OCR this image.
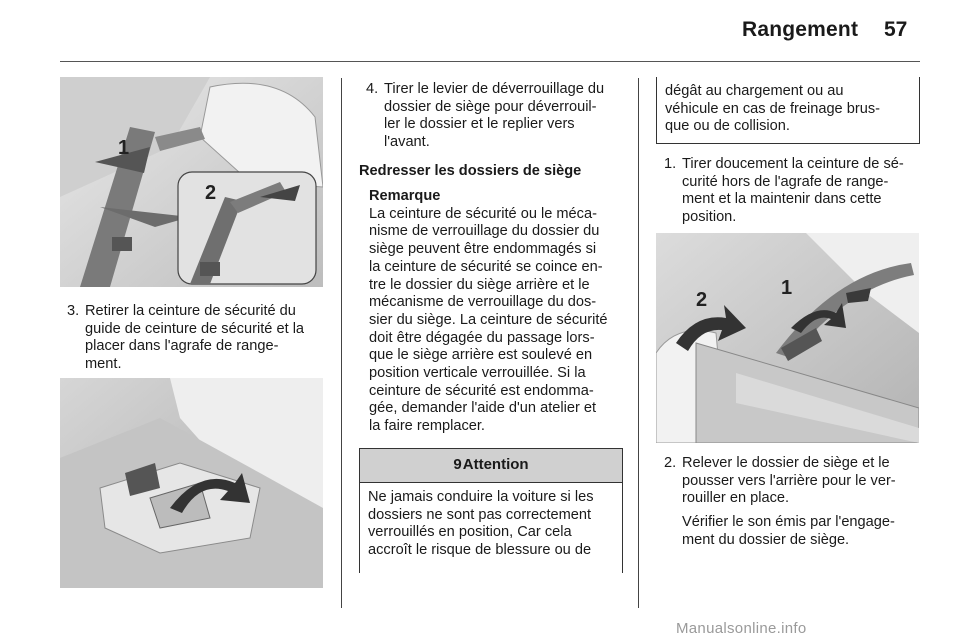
Rangement 57
1
2
3. Retirer la ceinture de sécurité du
guide de ceinture de sécurité et la
placer dans l'agrafe de range-
ment.
4. Tirer le levier de déverrouillage du
dossier de siège pour déverrouil-
ler le dossier et le replier vers
l'avant.
Redresser les dossiers de siège
Remarque
La ceinture de sécurité ou le méca-
nisme de verrouillage du dossier du
siège peuvent être endommagés si
la ceinture de sécurité se coince en-
tre le dossier du siège arrière et le
mécanisme de verrouillage du dos-
sier du siège. La ceinture de sécurité
doit être dégagée du passage lors-
que le siège arrière est soulevé en
position verticale verrouillée. Si la
ceinture de sécurité est endomma-
gée, demander l'aide d'un atelier et
la faire remplacer.
9Attention
Ne jamais conduire la voiture si les
dossiers ne sont pas correctement
verrouillés en position, Car cela
accroît le risque de blessure ou de
dégât au chargement ou au
véhicule en cas de freinage brus-
que ou de collision.
1. Tirer doucement la ceinture de sé-
curité hors de l'agrafe de range-
ment et la maintenir dans cette
position.
2
1
2. Relever le dossier de siège et le
pousser vers l'arrière pour le ver-
rouiller en place.
Vérifier le son émis par l'engage-
ment du dossier de siège.
Manualsonline.info
